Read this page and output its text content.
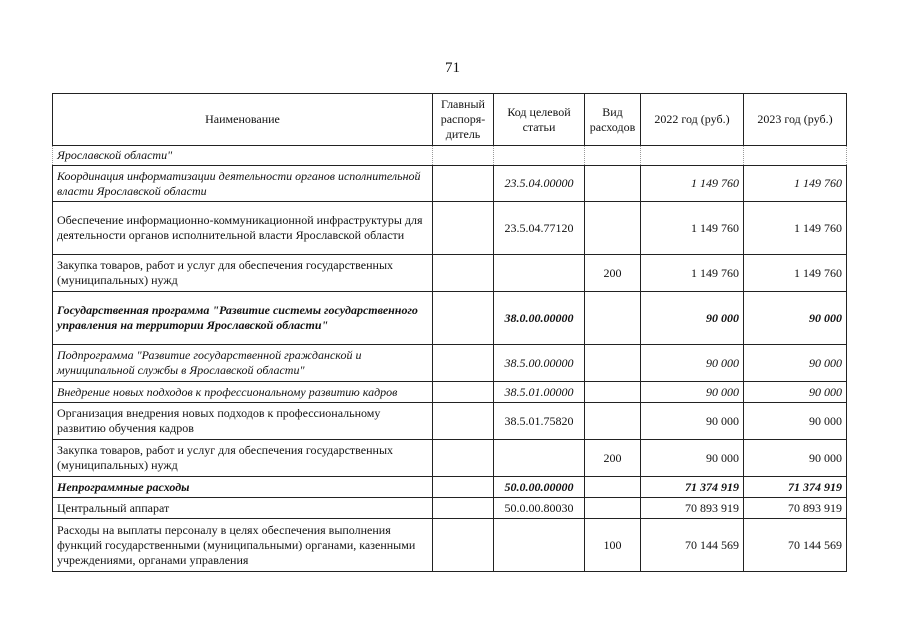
71
Наименование	Главный распоря-дитель	Код целевой статьи	Вид расходов	2022 год (руб.)	2023 год (руб.)
Ярославской области"					
Координация информатизации деятельности органов исполнительной власти Ярославской области		23.5.04.00000		1 149 760	1 149 760
Обеспечение информационно-коммуникационной инфраструктуры для деятельности органов исполнительной власти Ярославской области		23.5.04.77120		1 149 760	1 149 760
Закупка товаров, работ и услуг для обеспечения государственных (муниципальных) нужд			200	1 149 760	1 149 760
Государственная программа "Развитие системы государственного управления на территории Ярославской области"		38.0.00.00000		90 000	90 000
Подпрограмма "Развитие государственной гражданской и муниципальной службы в Ярославской области"		38.5.00.00000		90 000	90 000
Внедрение новых подходов к профессиональному развитию кадров		38.5.01.00000		90 000	90 000
Организация внедрения новых подходов к профессиональному развитию обучения кадров		38.5.01.75820		90 000	90 000
Закупка товаров, работ и услуг для обеспечения государственных (муниципальных) нужд			200	90 000	90 000
Непрограммные расходы		50.0.00.00000		71 374 919	71 374 919
Центральный аппарат		50.0.00.80030		70 893 919	70 893 919
Расходы на выплаты персоналу в целях обеспечения выполнения функций государственными (муниципальными) органами, казенными учреждениями, органами управления			100	70 144 569	70 144 569
